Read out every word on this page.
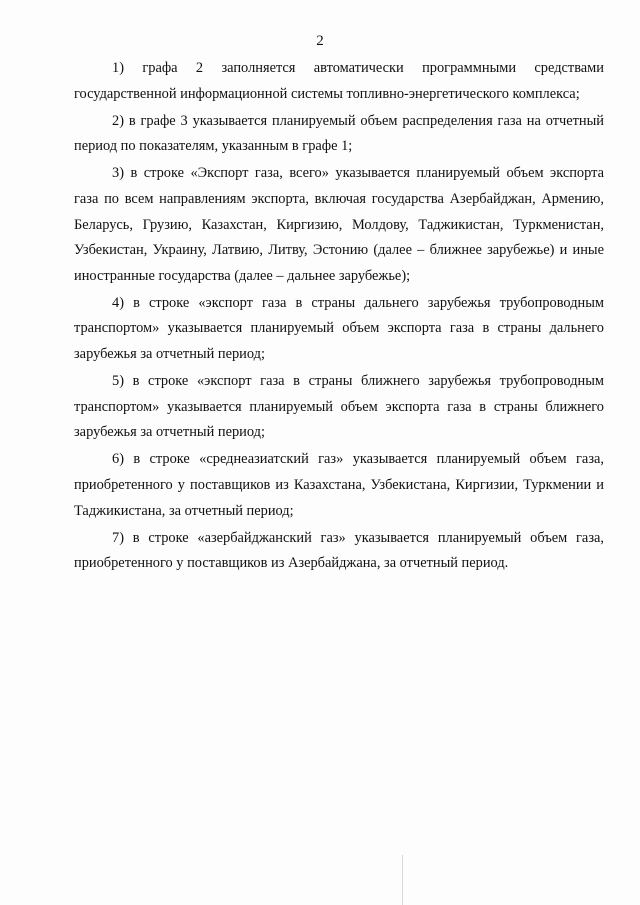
2

1) графа 2 заполняется автоматически программными средствами государственной информационной системы топливно-энергетического комплекса;

2) в графе 3 указывается планируемый объем распределения газа на отчетный период по показателям, указанным в графе 1;

3) в строке «Экспорт газа, всего» указывается планируемый объем экспорта газа по всем направлениям экспорта, включая государства Азербайджан, Армению, Беларусь, Грузию, Казахстан, Киргизию, Молдову, Таджикистан, Туркменистан, Узбекистан, Украину, Латвию, Литву, Эстонию (далее – ближнее зарубежье) и иные иностранные государства (далее – дальнее зарубежье);

4) в строке «экспорт газа в страны дальнего зарубежья трубопроводным транспортом» указывается планируемый объем экспорта газа в страны дальнего зарубежья за отчетный период;

5) в строке «экспорт газа в страны ближнего зарубежья трубопроводным транспортом» указывается планируемый объем экспорта газа в страны ближнего зарубежья за отчетный период;

6) в строке «среднеазиатский газ» указывается планируемый объем газа, приобретенного у поставщиков из Казахстана, Узбекистана, Киргизии, Туркмении и Таджикистана, за отчетный период;

7) в строке «азербайджанский газ» указывается планируемый объем газа, приобретенного у поставщиков из Азербайджана, за отчетный период.
